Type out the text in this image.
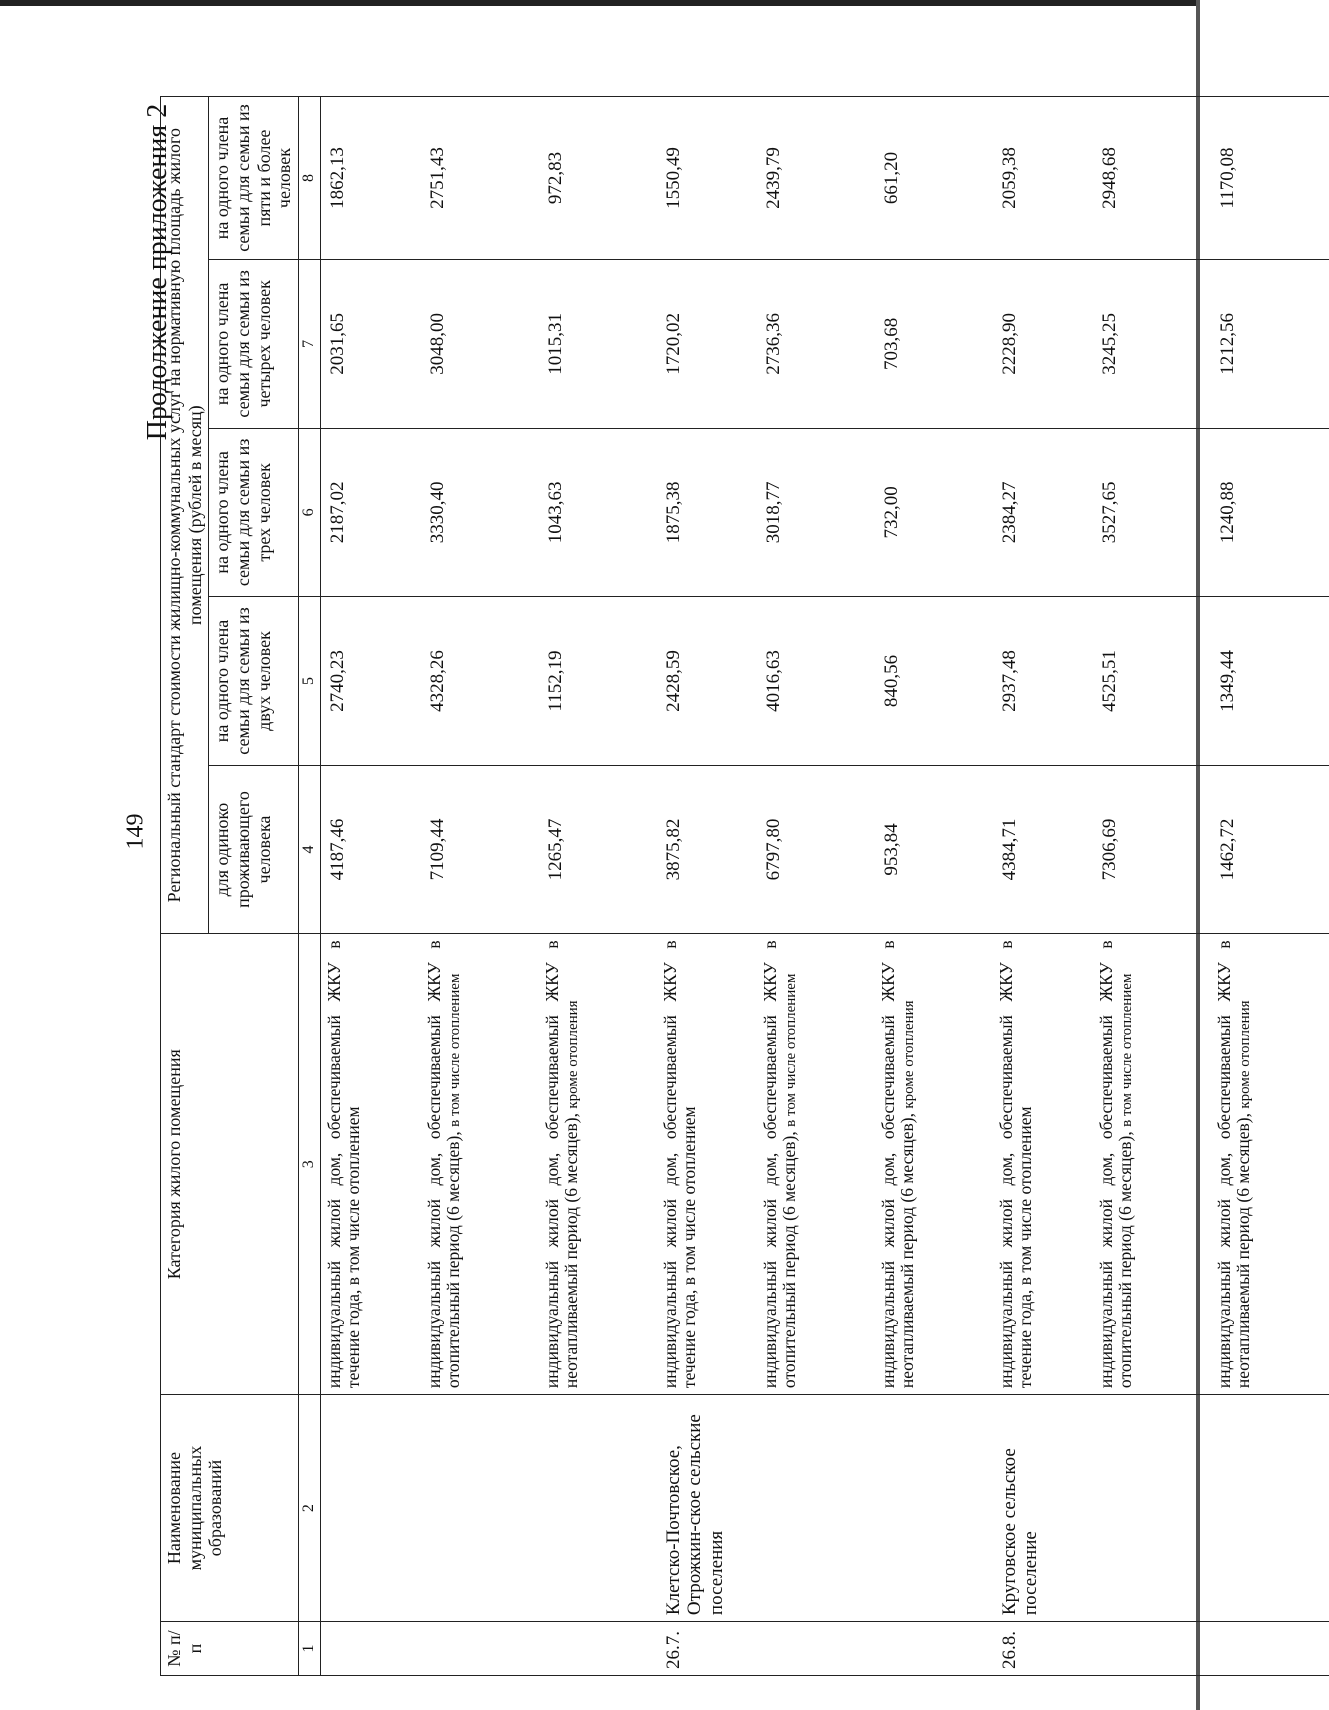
149
Продолжение приложения 2
№ п/п	Наименование муниципальных образований	Категория жилого помещения	Региональный стандарт стоимости жилищно-коммунальных услуг на нормативную площадь жилого помещения (рублей в месяц)				
			для одиноко проживающего человека	на одного члена семьи для семьи из двух человек	на одного члена семьи для семьи из трех человек	на одного члена семьи для семьи из четырех человек	на одного члена семьи для семьи из пяти и более человек
1	2	3	4	5	6	7	8
		индивидуальный жилой дом, обеспечиваемый ЖКУ в течение года, в том числе отоплением	4187,46	2740,23	2187,02	2031,65	1862,13
		индивидуальный жилой дом, обеспечиваемый ЖКУ в отопительный период (6 месяцев), в том числе отоплением	7109,44	4328,26	3330,40	3048,00	2751,43
		индивидуальный жилой дом, обеспечиваемый ЖКУ в неотапливаемый период (6 месяцев), кроме отопления	1265,47	1152,19	1043,63	1015,31	972,83
26.7.	Клетско-Почтовское, Отрожкин-ское сельские поселения	индивидуальный жилой дом, обеспечиваемый ЖКУ в течение года, в том числе отоплением	3875,82	2428,59	1875,38	1720,02	1550,49
		индивидуальный жилой дом, обеспечиваемый ЖКУ в отопительный период (6 месяцев), в том числе отоплением	6797,80	4016,63	3018,77	2736,36	2439,79
		индивидуальный жилой дом, обеспечиваемый ЖКУ в неотапливаемый период (6 месяцев), кроме отопления	953,84	840,56	732,00	703,68	661,20
26.8.	Круговское сельское поселение	индивидуальный жилой дом, обеспечиваемый ЖКУ в течение года, в том числе отоплением	4384,71	2937,48	2384,27	2228,90	2059,38
		индивидуальный жилой дом, обеспечиваемый ЖКУ в отопительный период (6 месяцев), в том числе отоплением	7306,69	4525,51	3527,65	3245,25	2948,68
		индивидуальный жилой дом, обеспечиваемый ЖКУ в неотапливаемый период (6 месяцев), кроме отопления	1462,72	1349,44	1240,88	1212,56	1170,08
